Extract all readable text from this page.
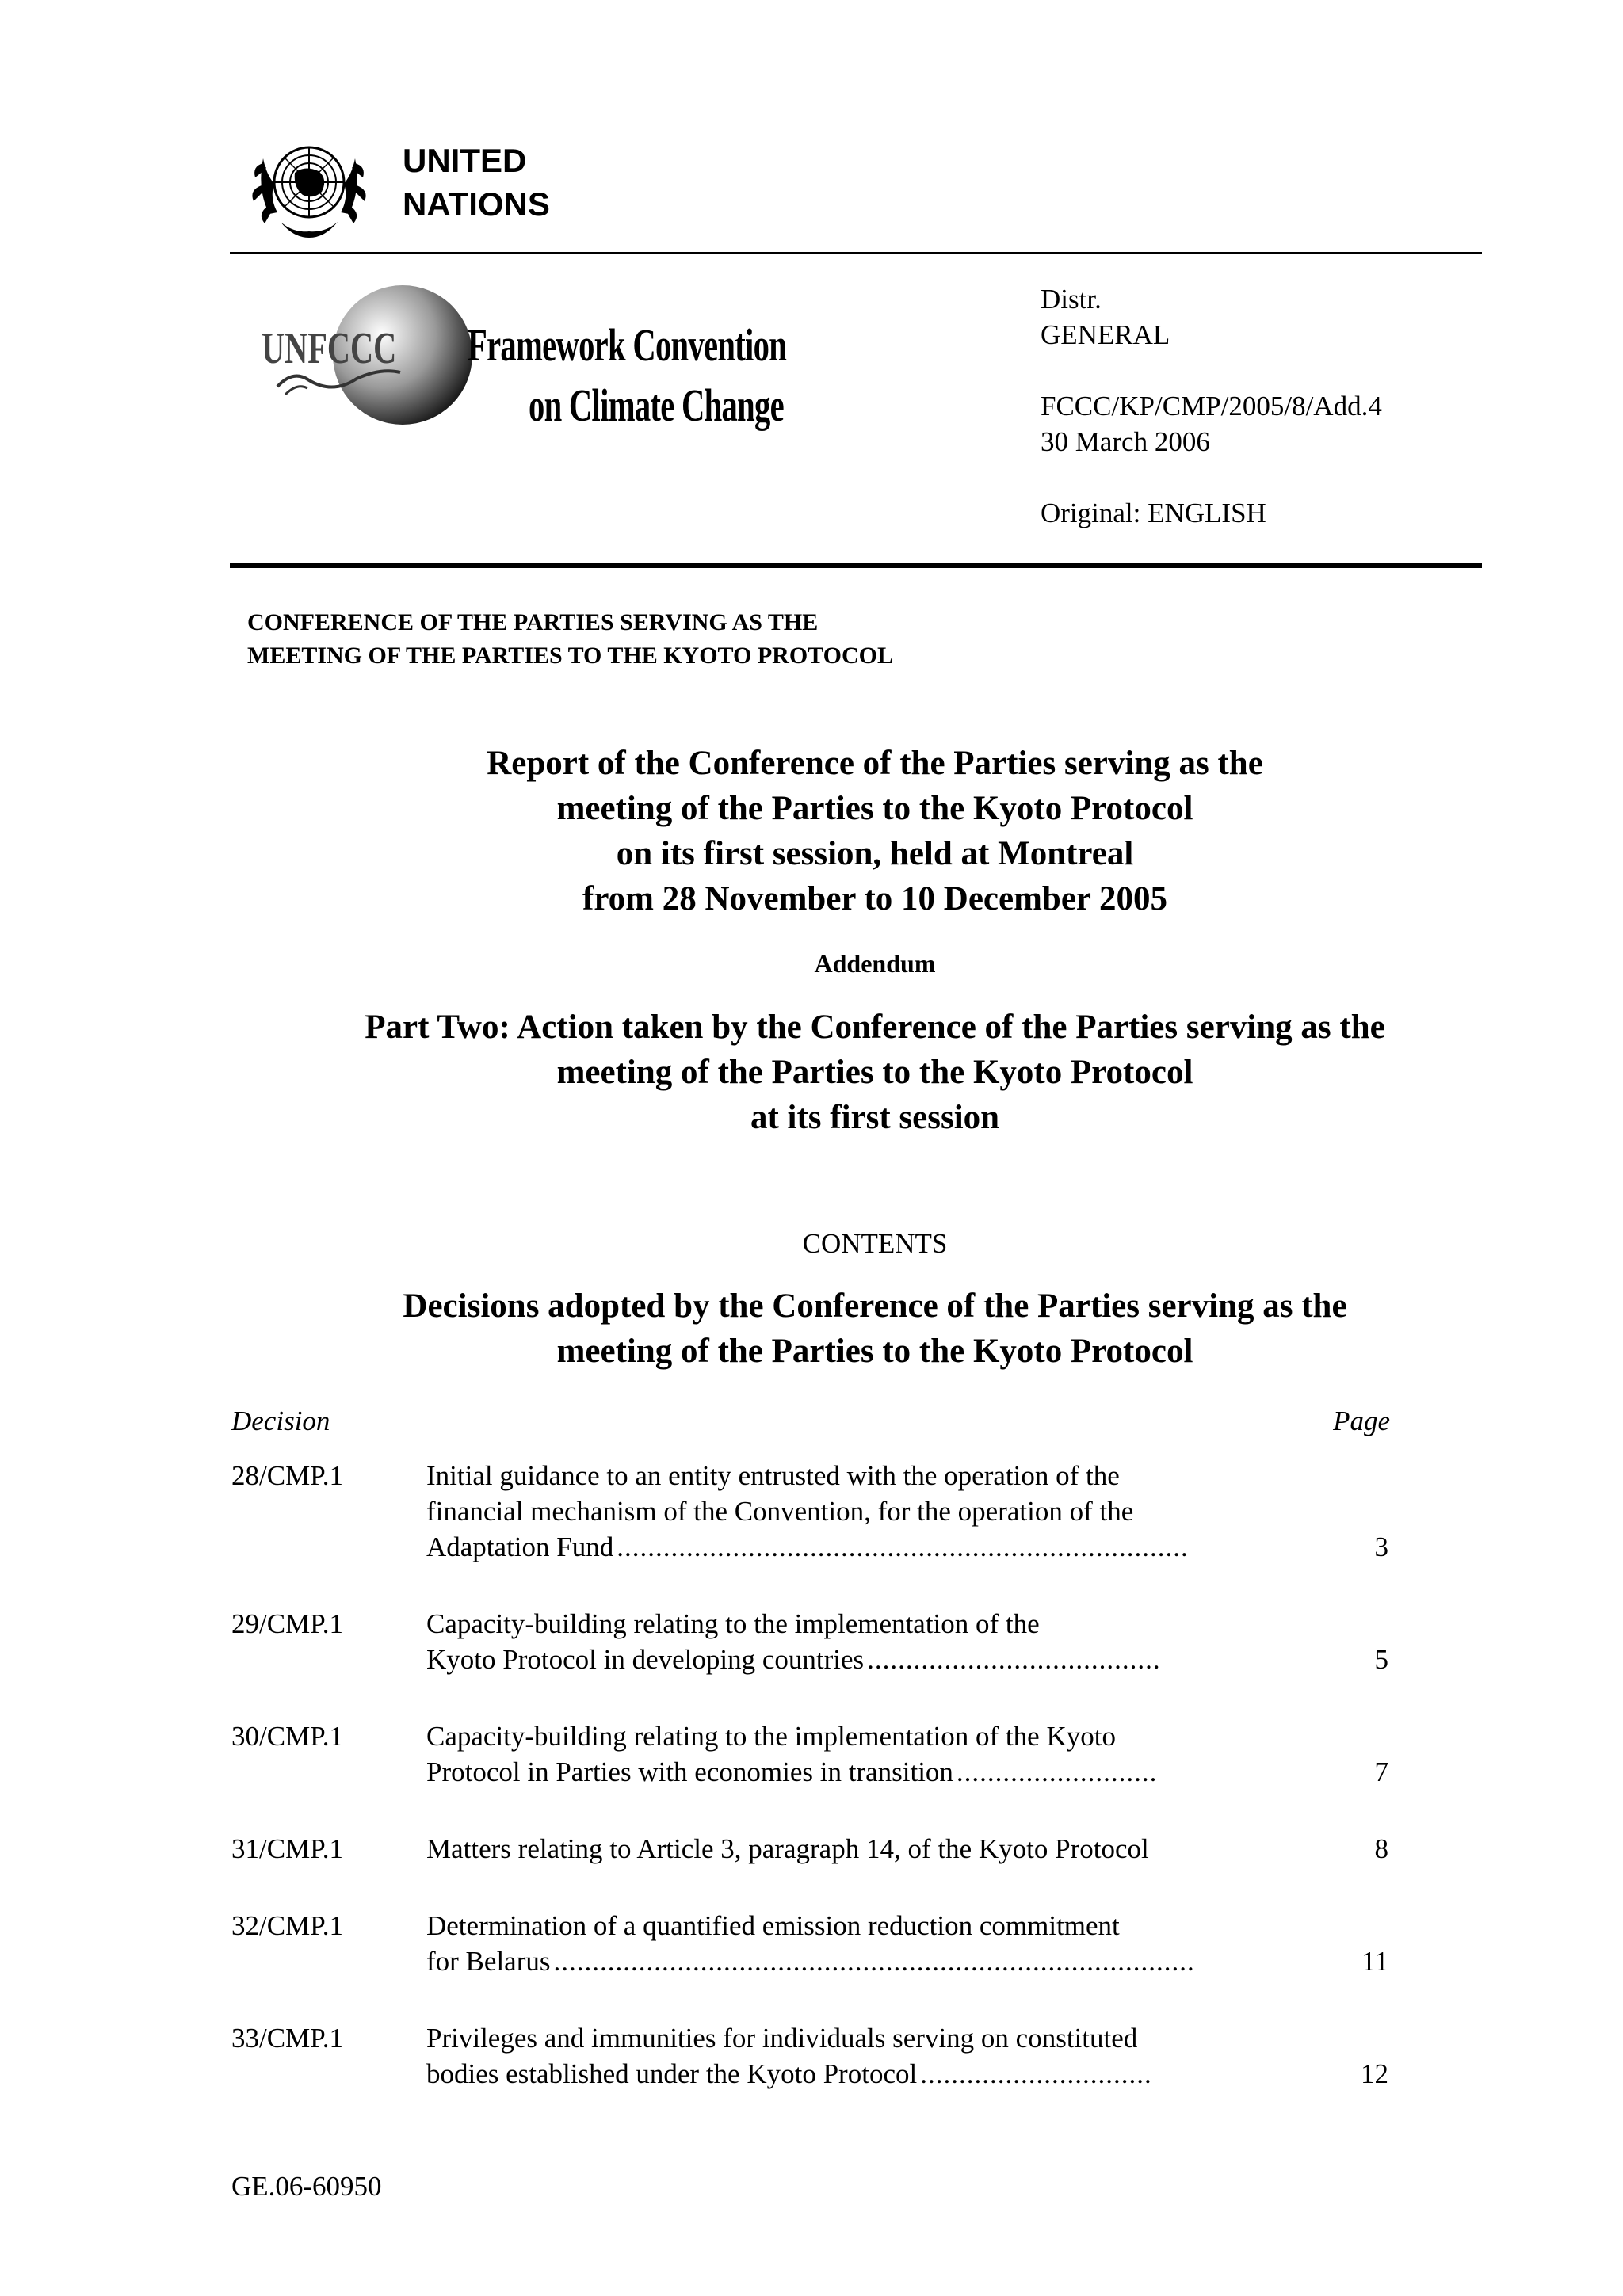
UNITED
NATIONS
UNFCCC Framework Convention
on Climate Change
Distr.
GENERAL
FCCC/KP/CMP/2005/8/Add.4
30 March 2006
Original: ENGLISH
CONFERENCE OF THE PARTIES SERVING AS THE
MEETING OF THE PARTIES TO THE KYOTO PROTOCOL
Report of the Conference of the Parties serving as the
meeting of the Parties to the Kyoto Protocol
on its first session, held at Montreal
from 28 November to 10 December 2005
Addendum
Part Two: Action taken by the Conference of the Parties serving as the
meeting of the Parties to the Kyoto Protocol
at its first session
CONTENTS
Decisions adopted by the Conference of the Parties serving as the
meeting of the Parties to the Kyoto Protocol
Decision	Page
28/CMP.1	Initial guidance to an entity entrusted with the operation of the
financial mechanism of the Convention, for the operation of the
Adaptation Fund ..........................................................................	3
29/CMP.1	Capacity-building relating to the implementation of the
Kyoto Protocol in developing countries ......................................	5
30/CMP.1	Capacity-building relating to the implementation of the Kyoto
Protocol in Parties with economies in transition ..........................	7
31/CMP.1	Matters relating to Article 3, paragraph 14, of the Kyoto Protocol	8
32/CMP.1	Determination of a quantified emission reduction commitment
for Belarus ...................................................................................	11
33/CMP.1	Privileges and immunities for individuals serving on constituted
bodies established under the Kyoto Protocol ..............................	12
GE.06-60950
